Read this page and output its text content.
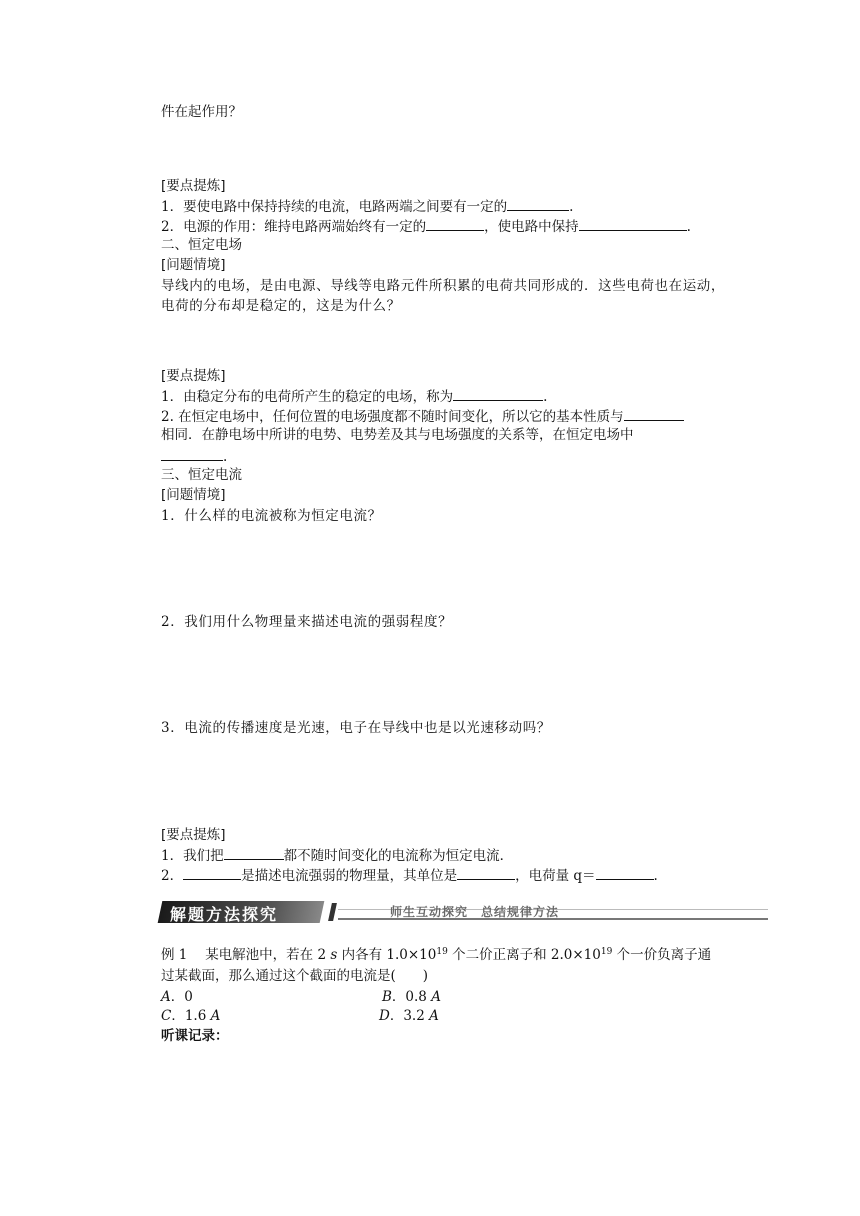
件在起作用？
[要点提炼]
1．要使电路中保持持续的电流，电路两端之间要有一定的	.
2．电源的作用：维持电路两端始终有一定的	，使电路中保持	.
二、恒定电场
[问题情境]
导线内的电场，是由电源、导线等电路元件所积累的电荷共同形成的．这些电荷也在运动，电荷的分布却是稳定的，这是为什么？
[要点提炼]
1．由稳定分布的电荷所产生的稳定的电场，称为	.
2. 在恒定电场中，任何位置的电场强度都不随时间变化，所以它的基本性质与
相同．在静电场中所讲的电势、电势差及其与电场强度的关系等，在恒定电场中
.
三、恒定电流
[问题情境]
1．什么样的电流被称为恒定电流？
2．我们用什么物理量来描述电流的强弱程度？
3．电流的传播速度是光速，电子在导线中也是以光速移动吗？
[要点提炼]
1．我们把	都不随时间变化的电流称为恒定电流．
2．	是描述电流强弱的物理量，其单位是	，电荷量 q＝	.
解题方法探究	师生互动探究　总结规律方法
例 1　 某电解池中，若在 2 s 内各有 $1.0\times 10^{19}$ 个二价正离子和 $2.0\times 10^{19}$ 个一价负离子通
过某截面，那么通过这个截面的电流是(　　)
A．0	B．0.8 A
C．1.6 A	D．3.2 A
听课记录：
